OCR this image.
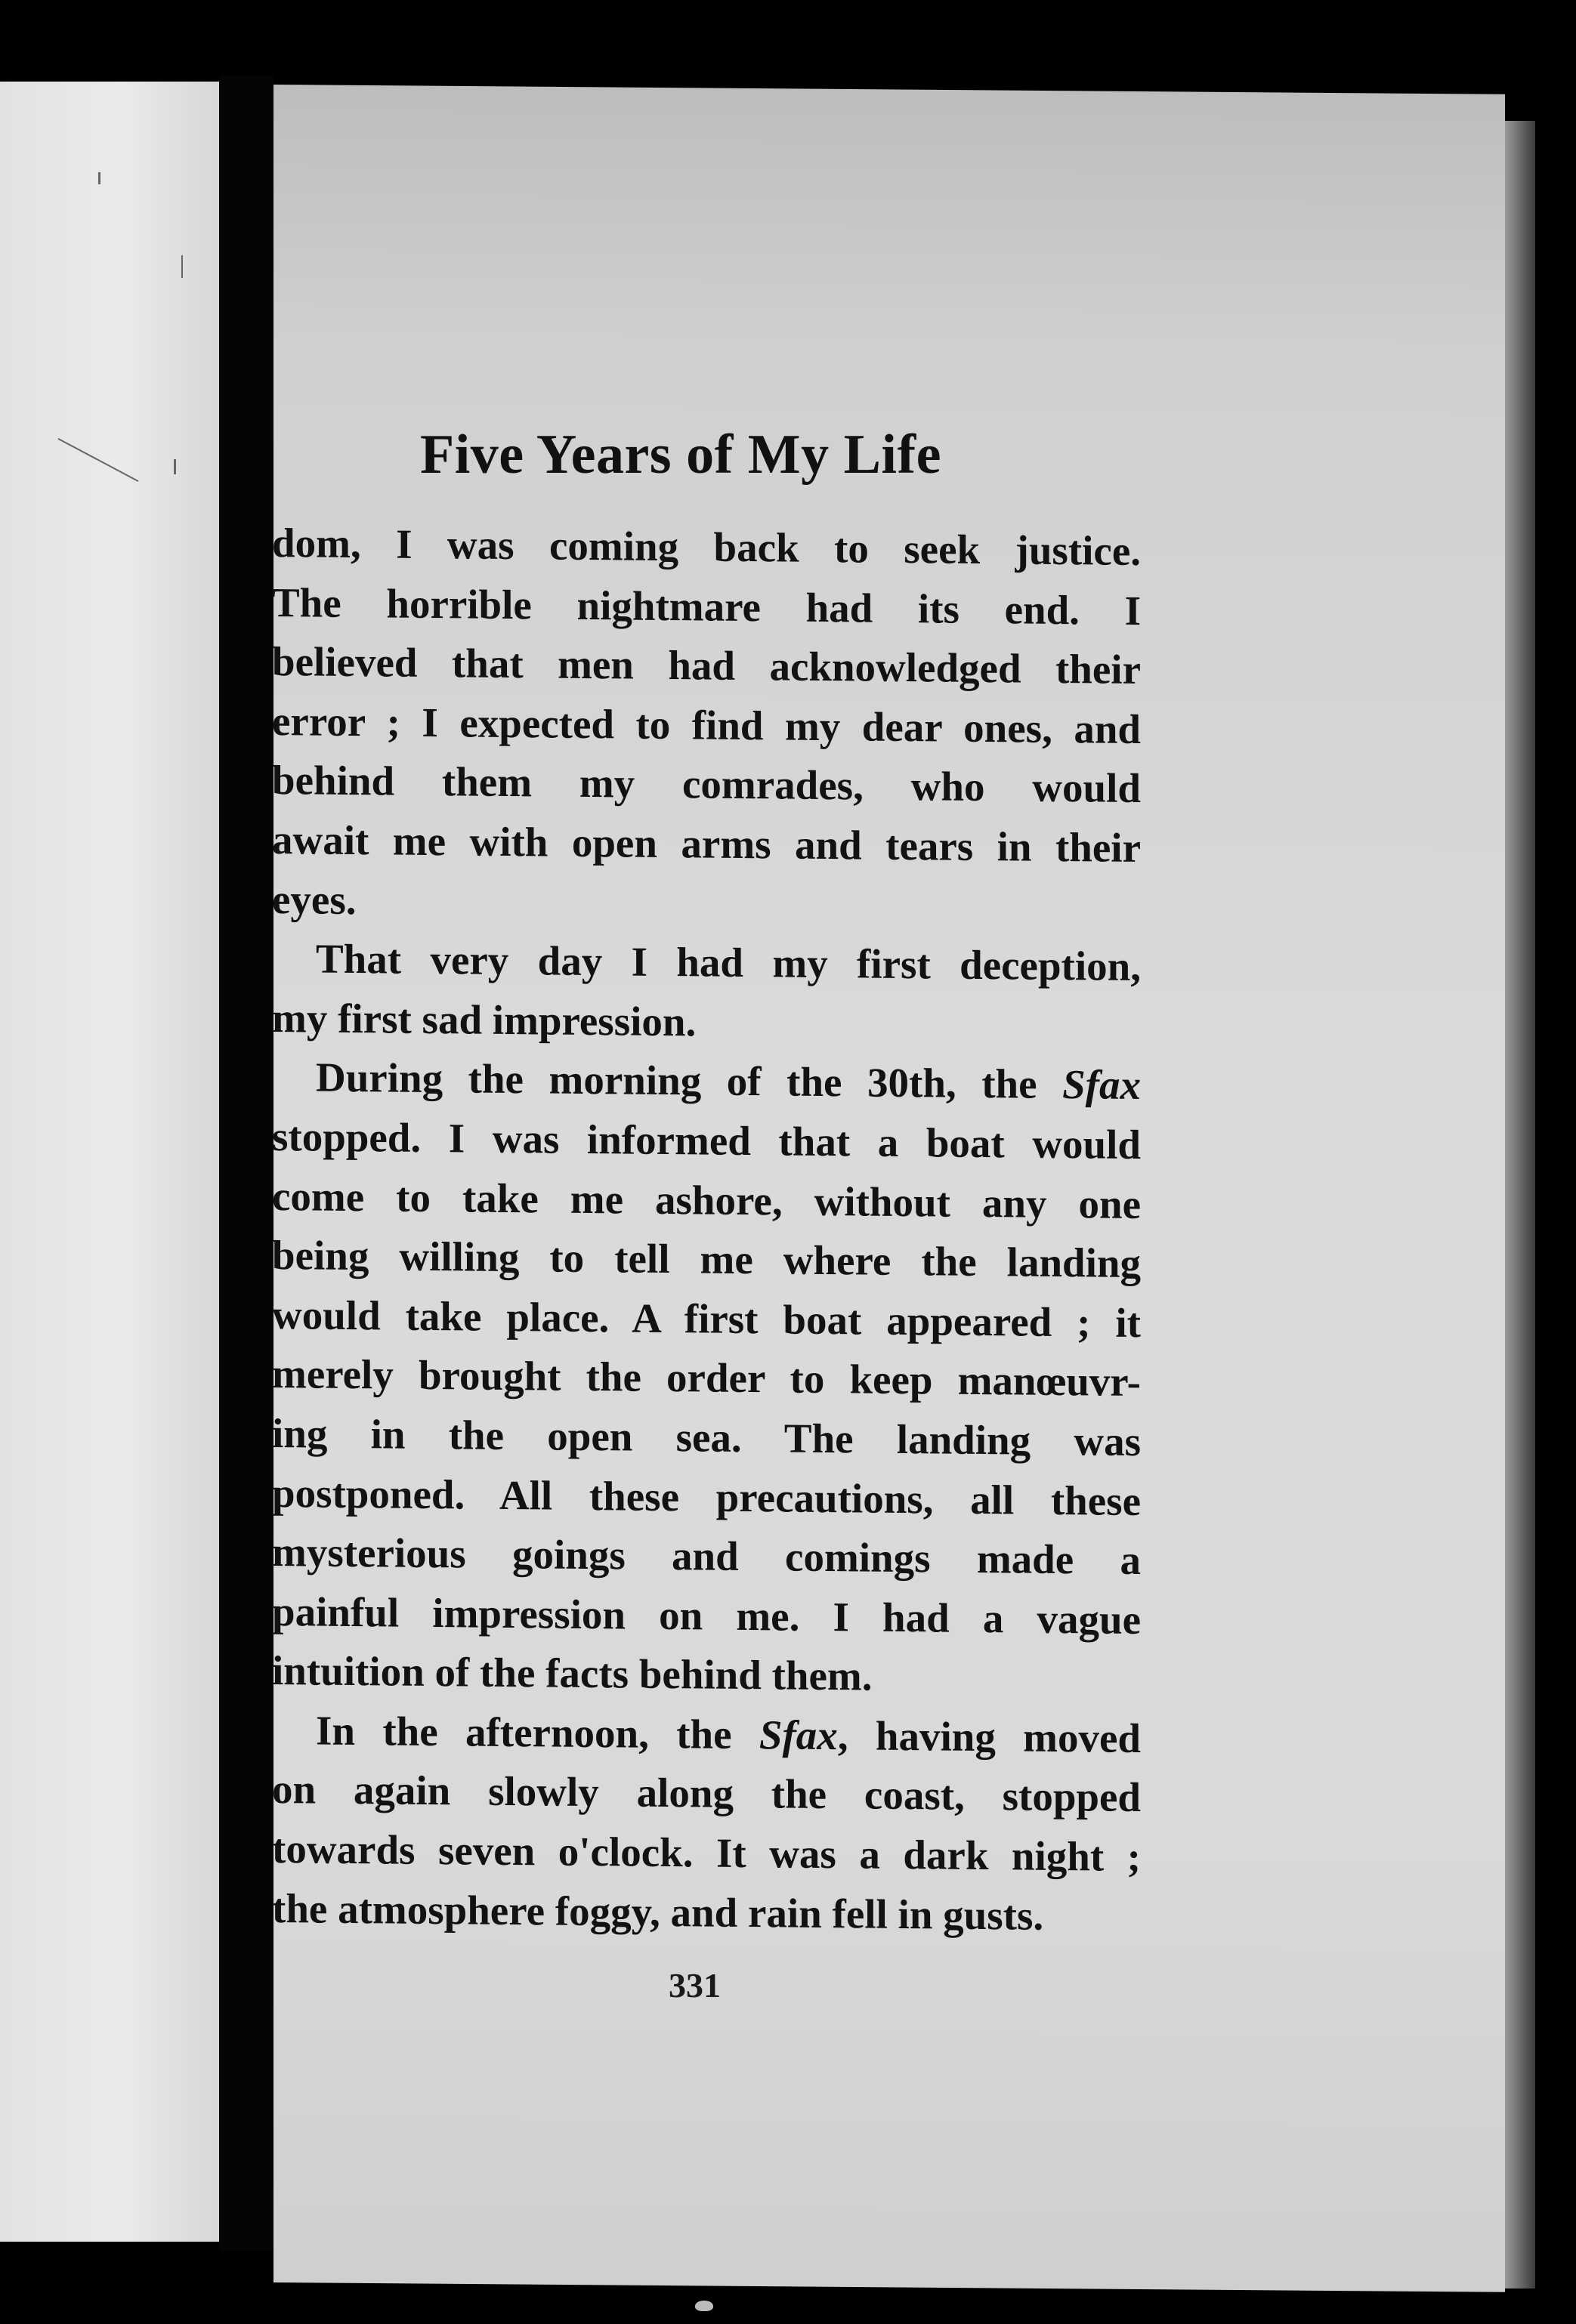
Five Years of My Life
dom, I was coming back to seek justice.
The horrible nightmare had its end. I
believed that men had acknowledged their
error ; I expected to find my dear ones, and
behind them my comrades, who would
await me with open arms and tears in their
eyes.
That very day I had my first deception,
my first sad impression.
During the morning of the 30th, the Sfax
stopped. I was informed that a boat would
come to take me ashore, without any one
being willing to tell me where the landing
would take place. A first boat appeared ; it
merely brought the order to keep manœuvr-
ing in the open sea. The landing was
postponed. All these precautions, all these
mysterious goings and comings made a
painful impression on me. I had a vague
intuition of the facts behind them.
In the afternoon, the Sfax, having moved
on again slowly along the coast, stopped
towards seven o'clock. It was a dark night ;
the atmosphere foggy, and rain fell in gusts.
331
